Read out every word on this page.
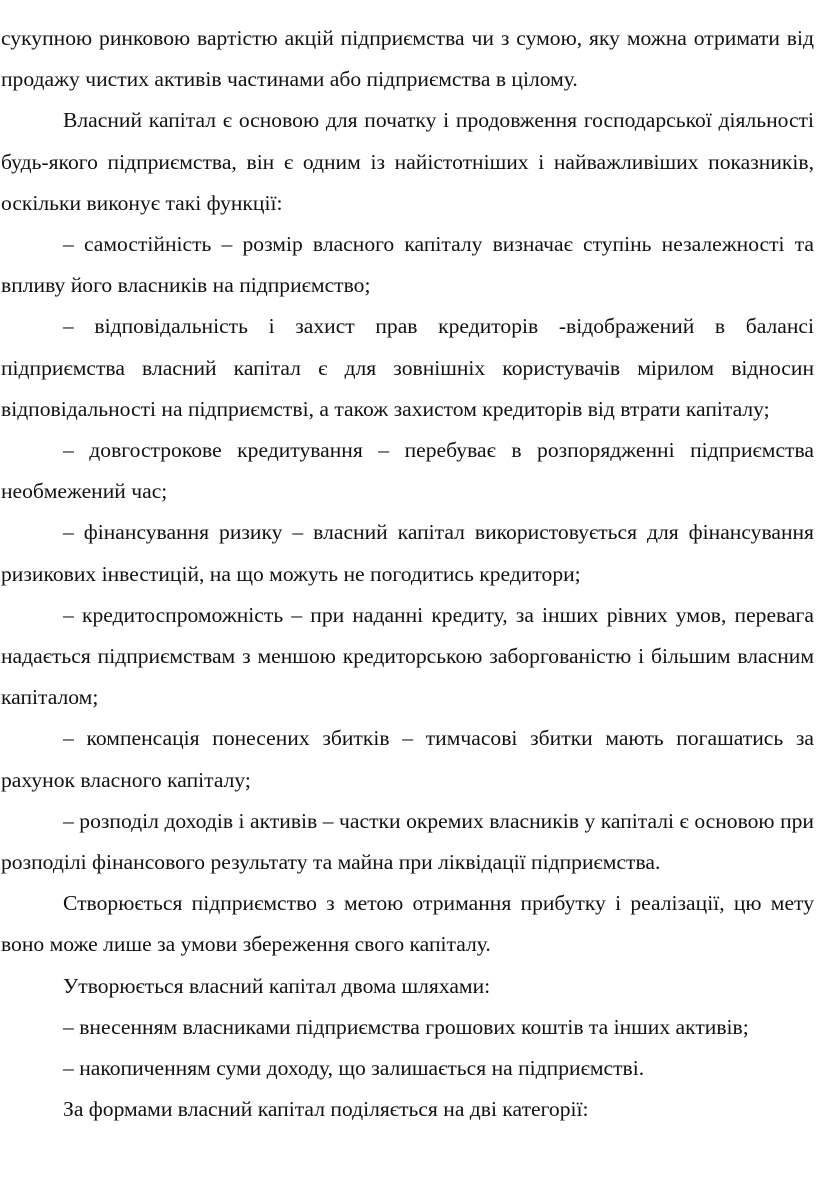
сукупною ринковою вартістю акцій підприємства чи з сумою, яку можна отримати від продажу чистих активів частинами або підприємства в цілому.

Власний капітал є основою для початку і продовження господарської діяльності будь-якого підприємства, він є одним із найістотніших і найважливіших показників, оскільки виконує такі функції:

– самостійність – розмір власного капіталу визначає ступінь незалежності та впливу його власників на підприємство;

– відповідальність і захист прав кредиторів -відображений в балансі підприємства власний капітал є для зовнішніх користувачів мірилом відносин відповідальності на підприємстві, а також захистом кредиторів від втрати капіталу;

– довгострокове кредитування – перебуває в розпорядженні підприємства необмежений час;

– фінансування ризику – власний капітал використовується для фінансування ризикових інвестицій, на що можуть не погодитись кредитори;

– кредитоспроможність – при наданні кредиту, за інших рівних умов, перевага надається підприємствам з меншою кредиторською заборгованістю і більшим власним капіталом;

– компенсація понесених збитків – тимчасові збитки мають погашатись за рахунок власного капіталу;

– розподіл доходів і активів – частки окремих власників у капіталі є основою при розподілі фінансового результату та майна при ліквідації підприємства.

Створюється підприємство з метою отримання прибутку і реалізації, цю мету воно може лише за умови збереження свого капіталу.

Утворюється власний капітал двома шляхами:

– внесенням власниками підприємства грошових коштів та інших активів;

– накопиченням суми доходу, що залишається на підприємстві.

За формами власний капітал поділяється на дві категорії:
